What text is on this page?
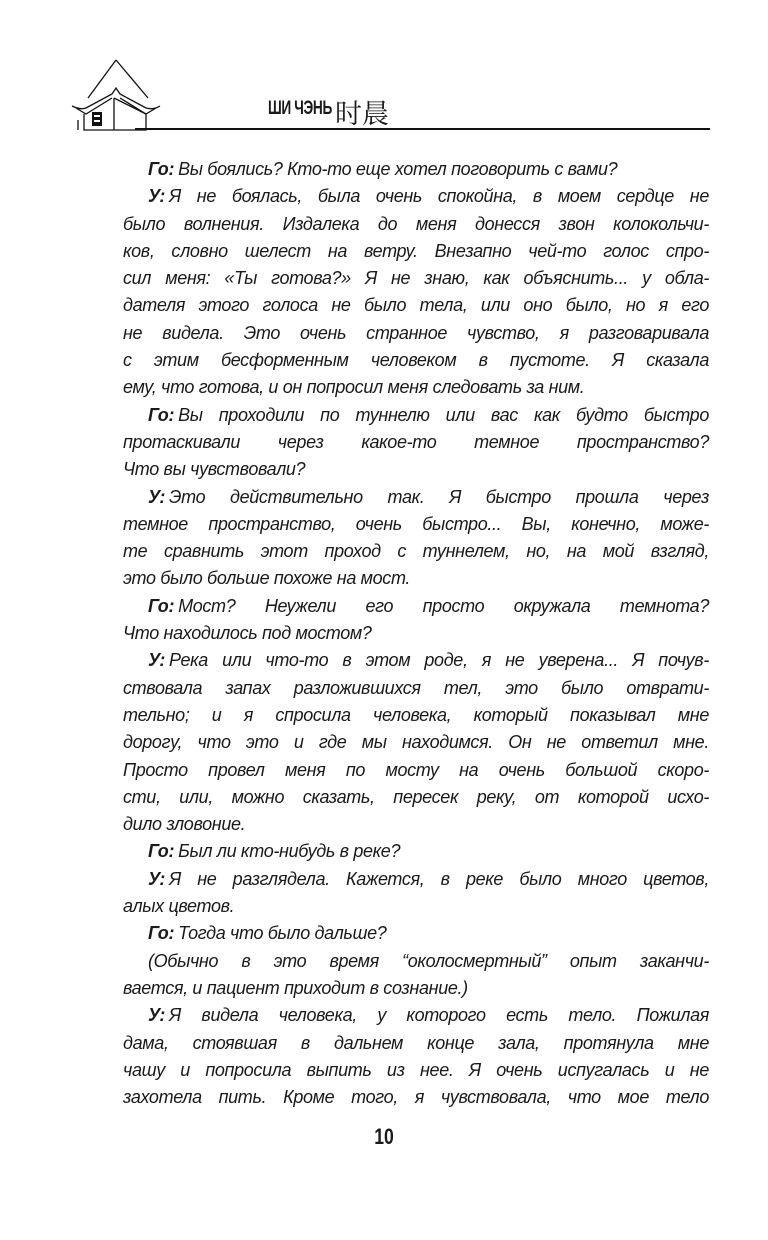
ШИ ЧЭНЬ 时晨
Го: Вы боялись? Кто-то еще хотел поговорить с вами?
У: Я не боялась, была очень спокойна, в моем сердце не
было волнения. Издалека до меня донесся звон колокольчи-
ков, словно шелест на ветру. Внезапно чей-то голос спро-
сил меня: «Ты готова?» Я не знаю, как объяснить... у обла-
дателя этого голоса не было тела, или оно было, но я его
не видела. Это очень странное чувство, я разговаривала
с этим бесформенным человеком в пустоте. Я сказала
ему, что готова, и он попросил меня следовать за ним.
Го: Вы проходили по туннелю или вас как будто быстро
протаскивали через какое-то темное пространство?
Что вы чувствовали?
У: Это действительно так. Я быстро прошла через
темное пространство, очень быстро... Вы, конечно, може-
те сравнить этот проход с туннелем, но, на мой взгляд,
это было больше похоже на мост.
Го: Мост? Неужели его просто окружала темнота?
Что находилось под мостом?
У: Река или что-то в этом роде, я не уверена... Я почув-
ствовала запах разложившихся тел, это было отврати-
тельно; и я спросила человека, который показывал мне
дорогу, что это и где мы находимся. Он не ответил мне.
Просто провел меня по мосту на очень большой скоро-
сти, или, можно сказать, пересек реку, от которой исхо-
дило зловоние.
Го: Был ли кто-нибудь в реке?
У: Я не разглядела. Кажется, в реке было много цветов,
алых цветов.
Го: Тогда что было дальше?
(Обычно в это время “околосмертный” опыт заканчи-
вается, и пациент приходит в сознание.)
У: Я видела человека, у которого есть тело. Пожилая
дама, стоявшая в дальнем конце зала, протянула мне
чашу и попросила выпить из нее. Я очень испугалась и не
захотела пить. Кроме того, я чувствовала, что мое тело
10
